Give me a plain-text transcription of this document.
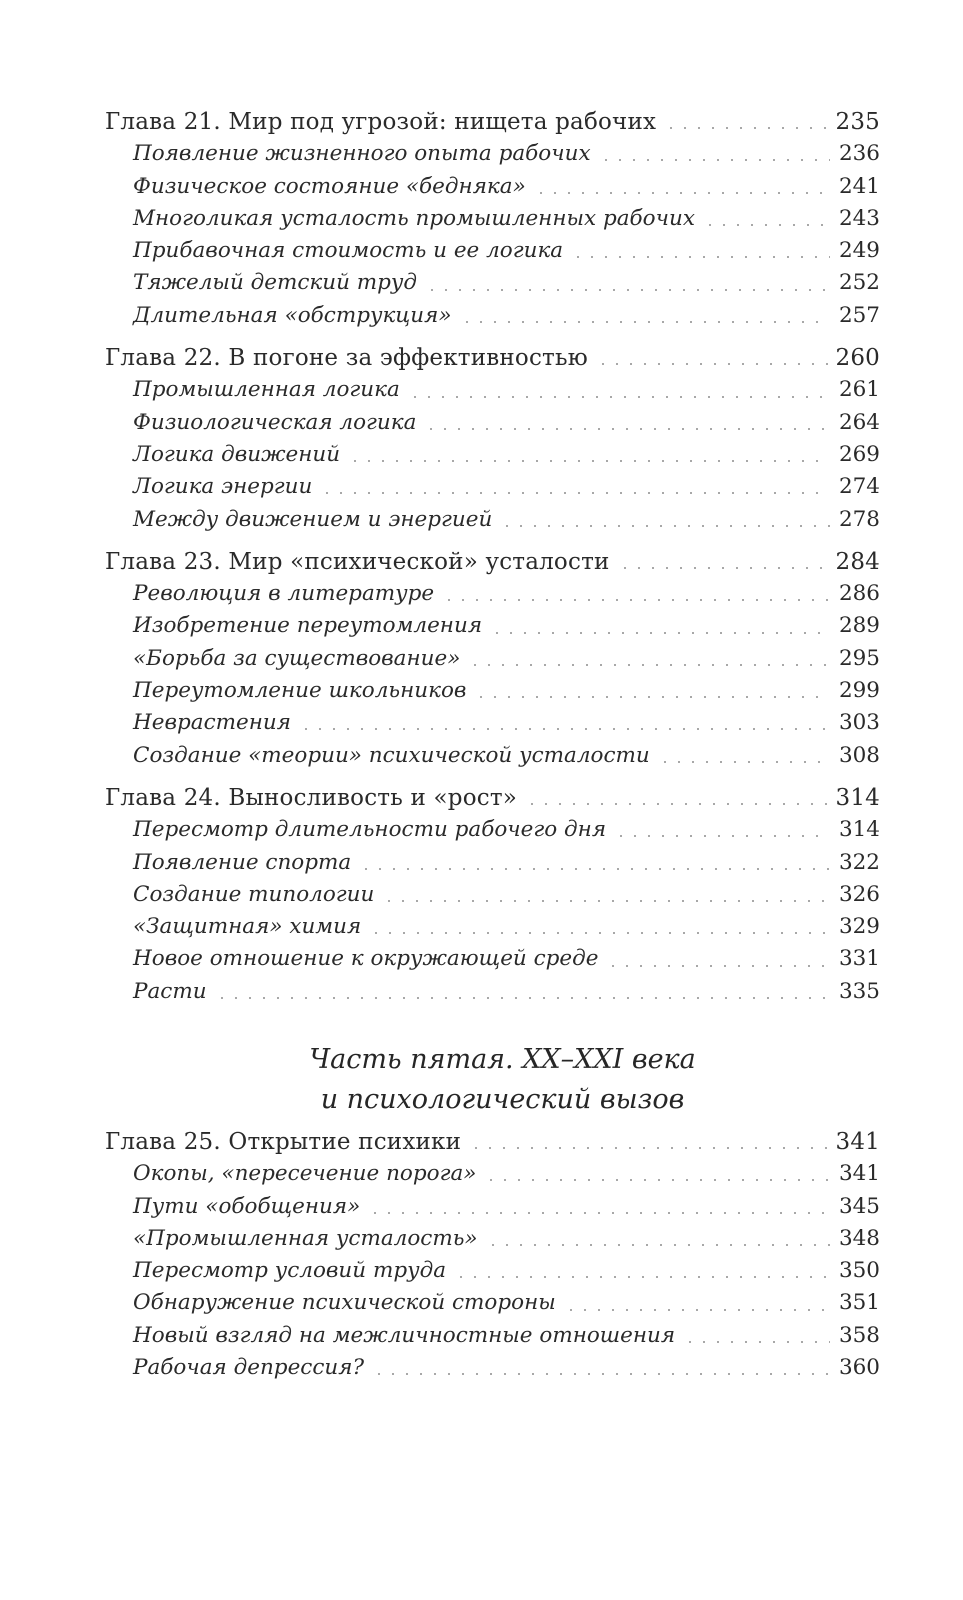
Глава 21. Мир под угрозой: нищета рабочих	235
Появление жизненного опыта рабочих	236
Физическое состояние «бедняка»	241
Многоликая усталость промышленных рабочих	243
Прибавочная стоимость и ее логика	249
Тяжелый детский труд	252
Длительная «обструкция»	257
Глава 22. В погоне за эффективностью	260
Промышленная логика	261
Физиологическая логика	264
Логика движений	269
Логика энергии	274
Между движением и энергией	278
Глава 23. Мир «психической» усталости	284
Революция в литературе	286
Изобретение переутомления	289
«Борьба за существование»	295
Переутомление школьников	299
Неврастения	303
Создание «теории» психической усталости	308
Глава 24. Выносливость и «рост»	314
Пересмотр длительности рабочего дня	314
Появление спорта	322
Создание типологии	326
«Защитная» химия	329
Новое отношение к окружающей среде	331
Расти	335
Часть пятая. XX–XXI века
и психологический вызов
Глава 25. Открытие психики	341
Окопы, «пересечение порога»	341
Пути «обобщения»	345
«Промышленная усталость»	348
Пересмотр условий труда	350
Обнаружение психической стороны	351
Новый взгляд на межличностные отношения	358
Рабочая депрессия?	360
